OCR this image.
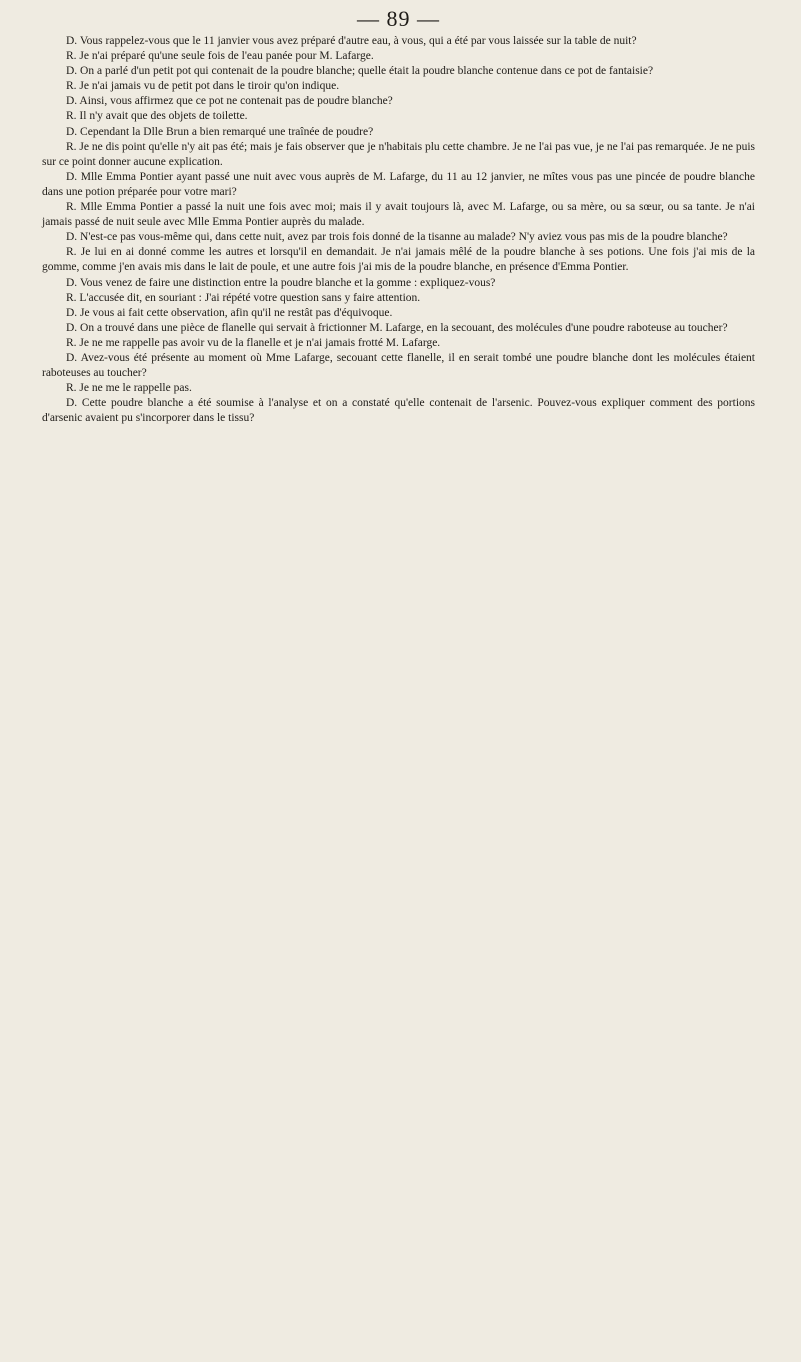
— 89 —

D. Vous rappelez-vous que le 11 janvier vous avez préparé d'autre eau, à vous, qui a été par vous laissée sur la table de nuit?

R. Je n'ai préparé qu'une seule fois de l'eau panée pour M. Lafarge.

D. On a parlé d'un petit pot qui contenait de la poudre blanche; quelle était la poudre blanche contenue dans ce pot de fantaisie?

R. Je n'ai jamais vu de petit pot dans le tiroir qu'on indique.

D. Ainsi, vous affirmez que ce pot ne contenait pas de poudre blanche?

R. Il n'y avait que des objets de toilette.

D. Cependant la Dlle Brun a bien remarqué une traînée de poudre?

R. Je ne dis point qu'elle n'y ait pas été; mais je fais observer que je n'habitais plu cette chambre. Je ne l'ai pas vue, je ne l'ai pas remarquée. Je ne puis sur ce point donner aucune explication.

D. Mlle Emma Pontier ayant passé une nuit avec vous auprès de M. Lafarge, du 11 au 12 janvier, ne mîtes vous pas une pincée de poudre blanche dans une potion préparée pour votre mari?

R. Mlle Emma Pontier a passé la nuit une fois avec moi; mais il y avait toujours là, avec M. Lafarge, ou sa mère, ou sa sœur, ou sa tante. Je n'ai jamais passé de nuit seule avec Mlle Emma Pontier auprès du malade.

D. N'est-ce pas vous-même qui, dans cette nuit, avez par trois fois donné de la tisanne au malade? N'y aviez vous pas mis de la poudre blanche?

R. Je lui en ai donné comme les autres et lorsqu'il en demandait. Je n'ai jamais mêlé de la poudre blanche à ses potions. Une fois j'ai mis de la gomme, comme j'en avais mis dans le lait de poule, et une autre fois j'ai mis de la poudre blanche, en présence d'Emma Pontier.

D. Vous venez de faire une distinction entre la poudre blanche et la gomme : expliquez-vous?

R. L'accusée dit, en souriant : J'ai répété votre question sans y faire attention.

D. Je vous ai fait cette observation, afin qu'il ne restât pas d'équivoque.

D. On a trouvé dans une pièce de flanelle qui servait à frictionner M. Lafarge, en la secouant, des molécules d'une poudre raboteuse au toucher?

R. Je ne me rappelle pas avoir vu de la flanelle et je n'ai jamais frotté M. Lafarge.

D. Avez-vous été présente au moment où Mme Lafarge, secouant cette flanelle, il en serait tombé une poudre blanche dont les molécules étaient raboteuses au toucher?

R. Je ne me le rappelle pas.

D. Cette poudre blanche a été soumise à l'analyse et on a constaté qu'elle contenait de l'arsenic. Pouvez-vous expliquer comment des portions d'arsenic avaient pu s'incorporer dans le tissu?
